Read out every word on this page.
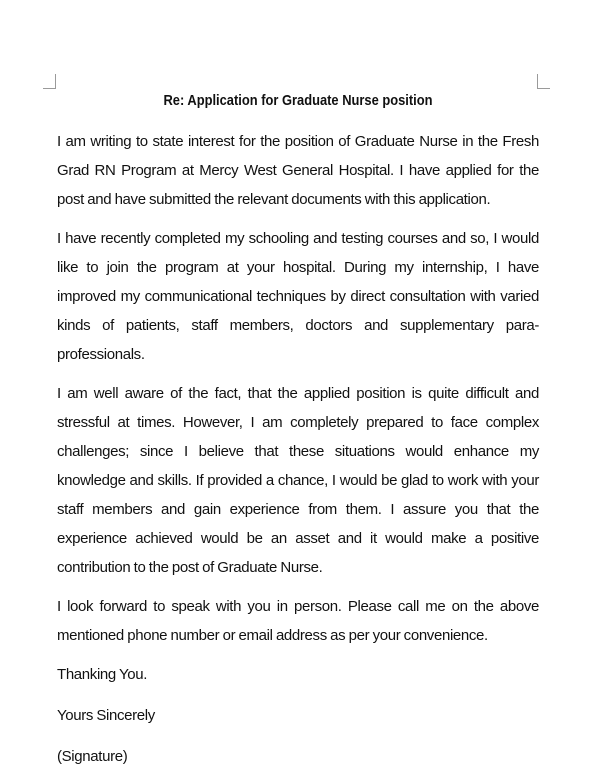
Re: Application for Graduate Nurse position

I am writing to state interest for the position of Graduate Nurse in the Fresh Grad RN Program at Mercy West General Hospital. I have applied for the post and have submitted the relevant documents with this application.

I have recently completed my schooling and testing courses and so, I would like to join the program at your hospital. During my internship, I have improved my communicational techniques by direct consultation with varied kinds of patients, staff members, doctors and supplementary para-professionals.

I am well aware of the fact, that the applied position is quite difficult and stressful at times. However, I am completely prepared to face complex challenges; since I believe that these situations would enhance my knowledge and skills. If provided a chance, I would be glad to work with your staff members and gain experience from them. I assure you that the experience achieved would be an asset and it would make a positive contribution to the post of Graduate Nurse.

I look forward to speak with you in person. Please call me on the above mentioned phone number or email address as per your convenience.

Thanking You.

Yours Sincerely

(Signature)
